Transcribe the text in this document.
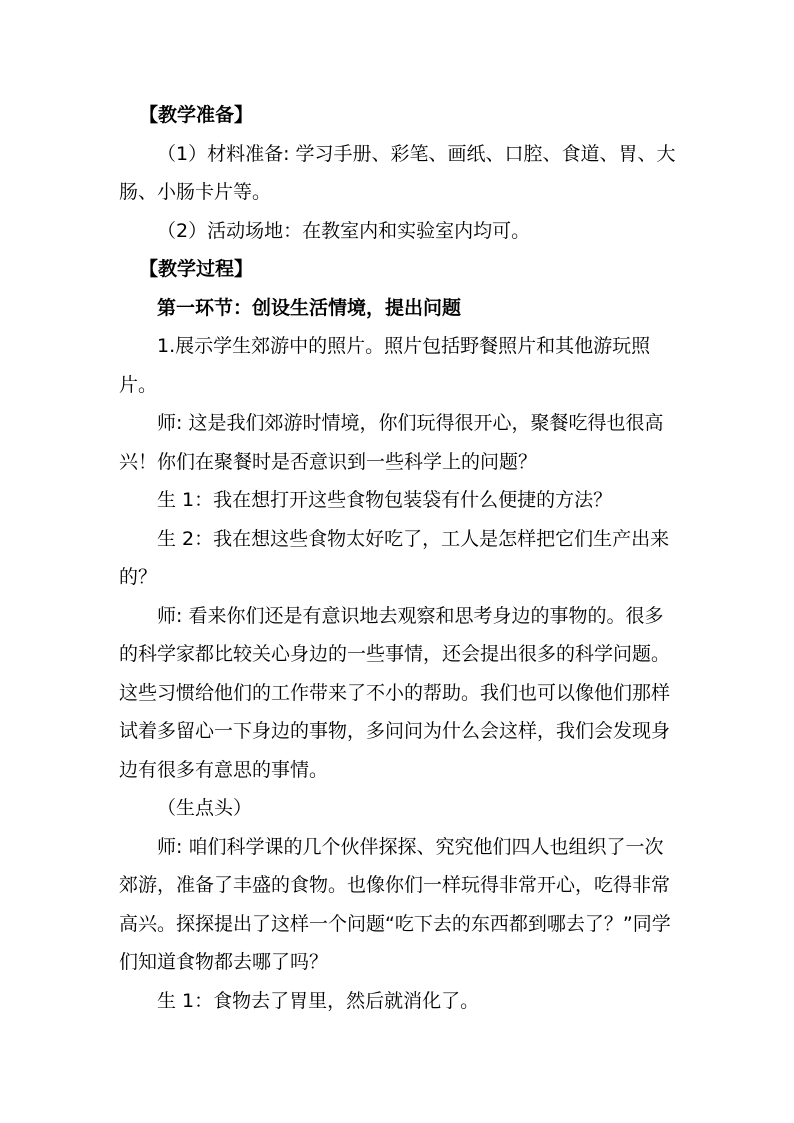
【教学准备】

（1）材料准备: 学习手册、彩笔、画纸、口腔、食道、胃、大肠、小肠卡片等。

（2）活动场地：在教室内和实验室内均可。

【教学过程】

第一环节：创设生活情境，提出问题

1.展示学生郊游中的照片。照片包括野餐照片和其他游玩照片。

师: 这是我们郊游时情境，你们玩得很开心，聚餐吃得也很高兴！你们在聚餐时是否意识到一些科学上的问题？

生 1：我在想打开这些食物包装袋有什么便捷的方法？

生 2：我在想这些食物太好吃了，工人是怎样把它们生产出来的？

师: 看来你们还是有意识地去观察和思考身边的事物的。很多的科学家都比较关心身边的一些事情，还会提出很多的科学问题。这些习惯给他们的工作带来了不小的帮助。我们也可以像他们那样试着多留心一下身边的事物，多问问为什么会这样，我们会发现身边有很多有意思的事情。

（生点头）

师: 咱们科学课的几个伙伴探探、究究他们四人也组织了一次郊游，准备了丰盛的食物。也像你们一样玩得非常开心，吃得非常高兴。探探提出了这样一个问题“吃下去的东西都到哪去了？”同学们知道食物都去哪了吗？

生 1：食物去了胃里，然后就消化了。
